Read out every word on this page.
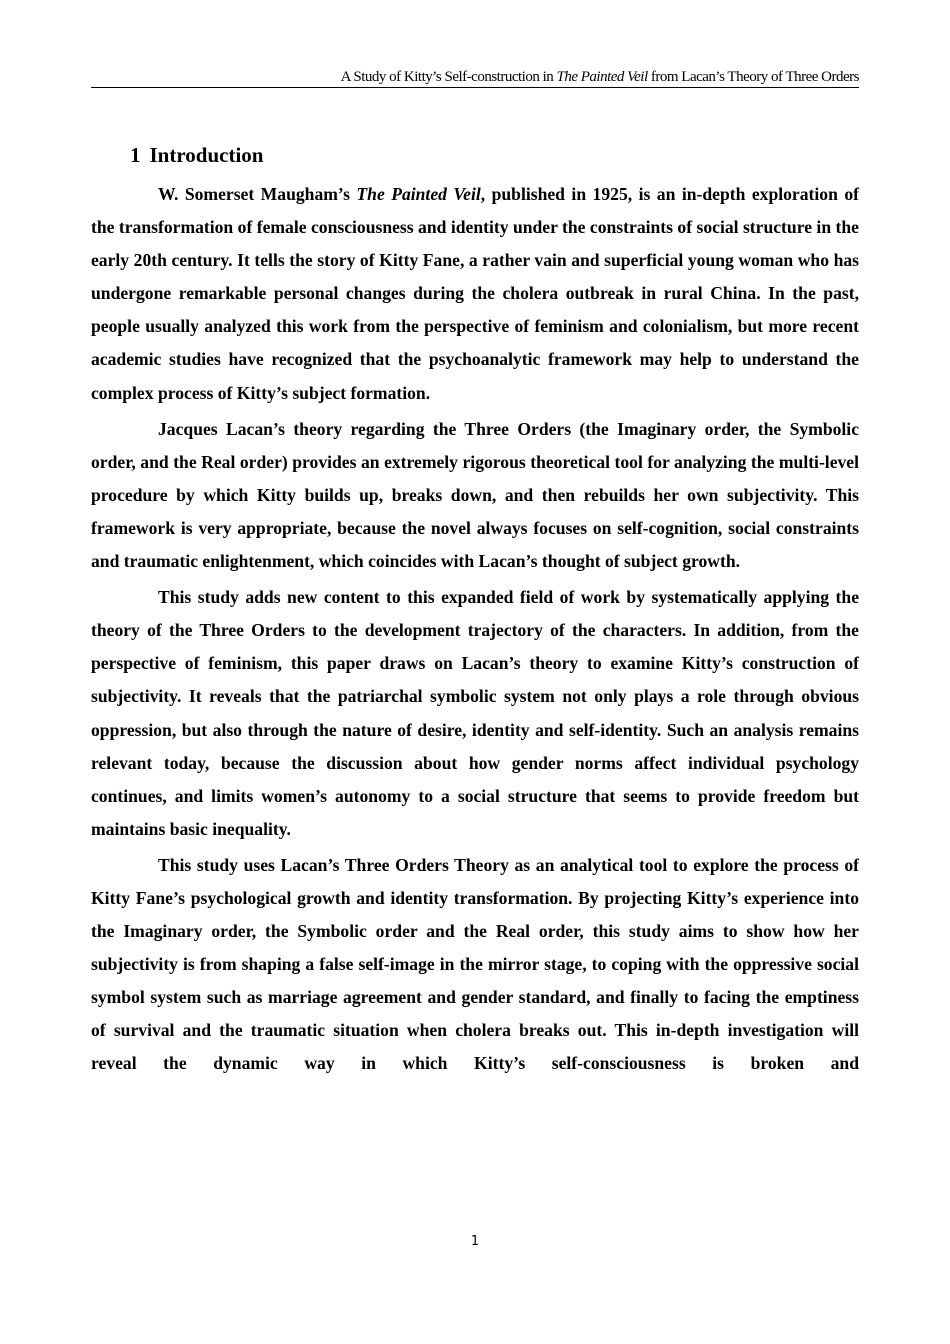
A Study of Kitty’s Self-construction in The Painted Veil from Lacan’s Theory of Three Orders
1 Introduction

W. Somerset Maugham’s The Painted Veil, published in 1925, is an in-depth exploration of the transformation of female consciousness and identity under the constraints of social structure in the early 20th century. It tells the story of Kitty Fane, a rather vain and superficial young woman who has undergone remarkable personal changes during the cholera outbreak in rural China. In the past, people usually analyzed this work from the perspective of feminism and colonialism, but more recent academic studies have recognized that the psychoanalytic framework may help to understand the complex process of Kitty’s subject formation.

Jacques Lacan’s theory regarding the Three Orders (the Imaginary order, the Symbolic order, and the Real order) provides an extremely rigorous theoretical tool for analyzing the multi-level procedure by which Kitty builds up, breaks down, and then rebuilds her own subjectivity. This framework is very appropriate, because the novel always focuses on self-cognition, social constraints and traumatic enlightenment, which coincides with Lacan’s thought of subject growth.

This study adds new content to this expanded field of work by systematically applying the theory of the Three Orders to the development trajectory of the characters. In addition, from the perspective of feminism, this paper draws on Lacan’s theory to examine Kitty’s construction of subjectivity. It reveals that the patriarchal symbolic system not only plays a role through obvious oppression, but also through the nature of desire, identity and self-identity. Such an analysis remains relevant today, because the discussion about how gender norms affect individual psychology continues, and limits women’s autonomy to a social structure that seems to provide freedom but maintains basic inequality.

This study uses Lacan’s Three Orders Theory as an analytical tool to explore the process of Kitty Fane’s psychological growth and identity transformation. By projecting Kitty’s experience into the Imaginary order, the Symbolic order and the Real order, this study aims to show how her subjectivity is from shaping a false self-image in the mirror stage, to coping with the oppressive social symbol system such as marriage agreement and gender standard, and finally to facing the emptiness of survival and the traumatic situation when cholera breaks out. This in-depth investigation will reveal the dynamic way in which Kitty’s self-consciousness is broken and

1
